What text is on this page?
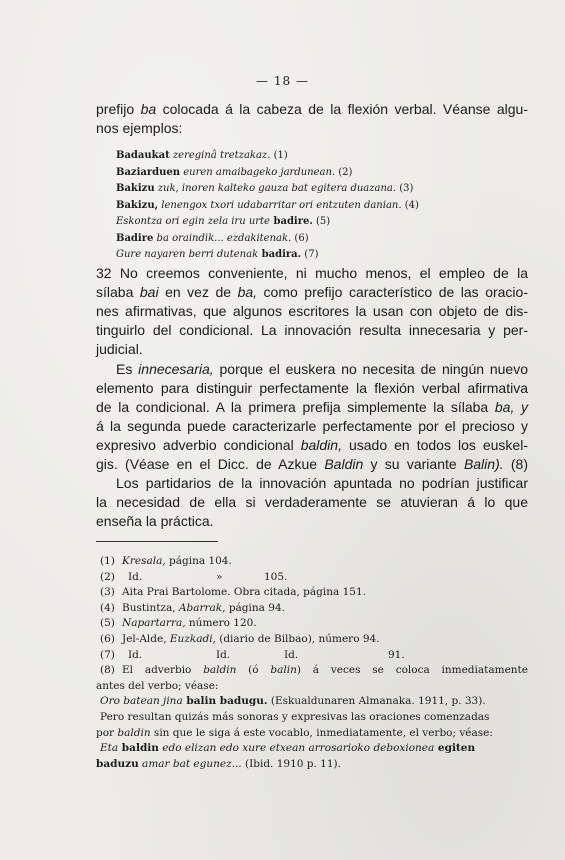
— 18 —
prefijo ba colocada á la cabeza de la flexión verbal. Véanse algu-
nos ejemplos:
Badaukat zereginâ tretzakaz. (1)
Baziarduen euren amaibageko jardunean. (2)
Bakizu zuk, inoren kalteko gauza bat egitera duazana. (3)
Bakizu, lenengox txori udabarritar ori entzuten danian. (4)
Eskontza ori egin zela iru urte badire. (5)
Badire ba oraindik... ezdakitenak. (6)
Gure nayaren berri dutenak badira. (7)
32 No creemos conveniente, ni mucho menos, el empleo de la
sílaba bai en vez de ba, como prefijo característico de las oracio-
nes afirmativas, que algunos escritores la usan con objeto de dis-
tinguirlo del condicional. La innovación resulta innecesaria y per-
judicial.
Es innecesaria, porque el euskera no necesita de ningún nuevo
elemento para distinguir perfectamente la flexión verbal afirmativa
de la condicional. A la primera prefija simplemente la sílaba ba, y
á la segunda puede caracterizarle perfectamente por el precioso y
expresivo adverbio condicional baldin, usado en todos los euskel-
gis. (Véase en el Dicc. de Azkue Baldin y su variante Balin). (8)
Los partidarios de la innovación apuntada no podrían justificar
la necesidad de ella si verdaderamente se atuvieran á lo que
enseña la práctica.
(1) Kresala, página 104.
(2) Id.	»	105.
(3) Aita Prai Bartolome. Obra citada, página 151.
(4) Bustintza, Abarrak, página 94.
(5) Napartarra, número 120.
(6) Jel-Alde, Euzkadi, (diario de Bilbao), número 94.
(7) Id.	Id.	Id.	91.
(8) El adverbio baldin (ó balin) á veces se coloca inmediatamente
antes del verbo; véase:
Oro batean jina balin badugu. (Eskualdunaren Almanaka. 1911, p. 33).
Pero resultan quizás más sonoras y expresivas las oraciones comenzadas
por baldin sin que le siga á este vocablo, inmediatamente, el verbo; véase:
Eta baldin edo elizan edo xure etxean arrosarioko deboxionea egiten
baduzu amar bat egunez... (Ibid. 1910 p. 11).
